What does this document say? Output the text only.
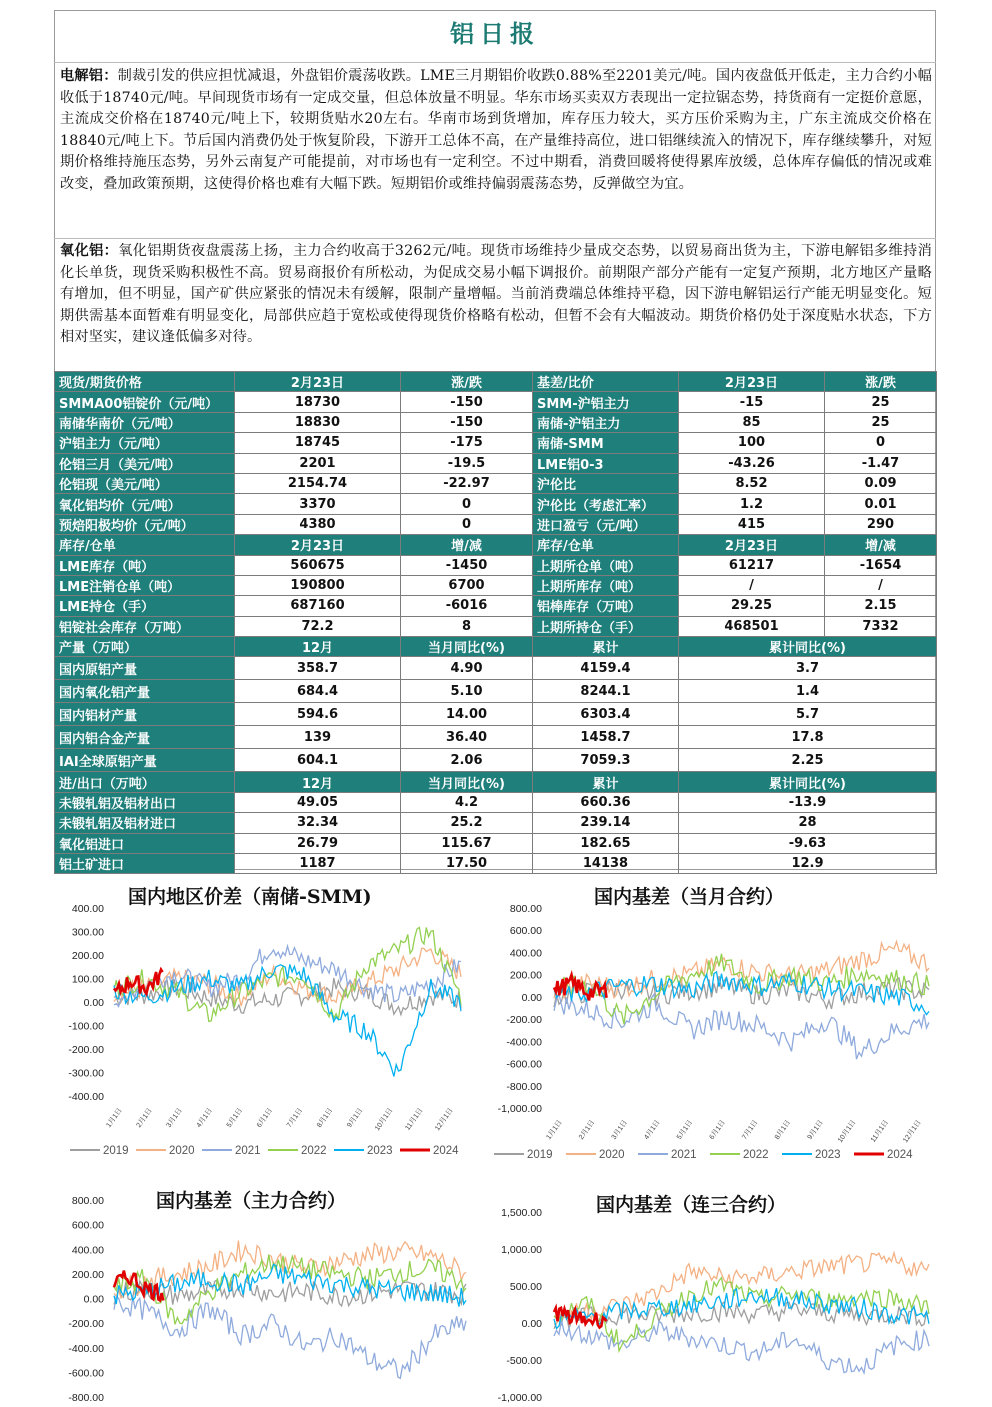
铝日报
电解铝：制裁引发的供应担忧减退，外盘铝价震荡收跌。LME三月期铝价收跌0.88%至2201美元/吨。国内夜盘低开低走，主力合约小幅收低于18740元/吨。早间现货市场有一定成交量，但总体放量不明显。华东市场买卖双方表现出一定拉锯态势，持货商有一定挺价意愿，主流成交价格在18740元/吨上下，较期货贴水20左右。华南市场到货增加，库存压力较大，买方压价采购为主，广东主流成交价格在18840元/吨上下。节后国内消费仍处于恢复阶段，下游开工总体不高，在产量维持高位，进口铝继续流入的情况下，库存继续攀升，对短期价格维持施压态势，另外云南复产可能提前，对市场也有一定利空。不过中期看，消费回暖将使得累库放缓，总体库存偏低的情况或难改变，叠加政策预期，这使得价格也难有大幅下跌。短期铝价或维持偏弱震荡态势，反弹做空为宜。
氧化铝：氧化铝期货夜盘震荡上扬，主力合约收高于3262元/吨。现货市场维持少量成交态势，以贸易商出货为主，下游电解铝多维持消化长单货，现货采购积极性不高。贸易商报价有所松动，为促成交易小幅下调报价。前期限产部分产能有一定复产预期，北方地区产量略有增加，但不明显，国产矿供应紧张的情况未有缓解，限制产量增幅。当前消费端总体维持平稳，因下游电解铝运行产能无明显变化。短期供需基本面暂难有明显变化，局部供应趋于宽松或使得现货价格略有松动，但暂不会有大幅波动。期货价格仍处于深度贴水状态，下方相对坚实，建议逢低偏多对待。
现货/期货价格	2月23日	涨/跌	基差/比价	2月23日	涨/跌
SMMA00铝锭价（元/吨）	18730	-150	SMM-沪铝主力	-15	25
南储华南价（元/吨）	18830	-150	南储-沪铝主力	85	25
沪铝主力（元/吨）	18745	-175	南储-SMM	100	0
伦铝三月（美元/吨）	2201	-19.5	LME铝0-3	-43.26	-1.47
伦铝现（美元/吨）	2154.74	-22.97	沪伦比	8.52	0.09
氧化铝均价（元/吨）	3370	0	沪伦比（考虑汇率）	1.2	0.01
预焙阳极均价（元/吨）	4380	0	进口盈亏（元/吨）	415	290
库存/仓单	2月23日	增/减	库存/仓单	2月23日	增/减
LME库存（吨）	560675	-1450	上期所仓单（吨）	61217	-1654
LME注销仓单（吨）	190800	6700	上期所库存（吨）	/	/
LME持仓（手）	687160	-6016	铝棒库存（万吨）	29.25	2.15
铝锭社会库存（万吨）	72.2	8	上期所持仓（手）	468501	7332
产量（万吨）	12月	当月同比(%)	累计	累计同比(%)	
国内原铝产量	358.7	4.90	4159.4	3.7	
国内氧化铝产量	684.4	5.10	8244.1	1.4	
国内铝材产量	594.6	14.00	6303.4	5.7	
国内铝合金产量	139	36.40	1458.7	17.8	
IAI全球原铝产量	604.1	2.06	7059.3	2.25	
进/出口（万吨）	12月	当月同比(%)	累计	累计同比(%)	
未锻轧铝及铝材出口	49.05	4.2	660.36	-13.9	
未锻轧铝及铝材进口	32.34	25.2	239.14	28	
氧化铝进口	26.79	115.67	182.65	-9.63	
铝土矿进口	1187	17.50	14138	12.9	
国内地区价差（南储-SMM)
400.00
300.00
200.00
100.00
0.00
-100.00
-200.00
-300.00
-400.00
1月1日 2月1日 3月1日 4月1日 5月1日 6月1日 7月1日 8月1日 9月1日 10月1日 11月1日 12月1日
2019	2020	2021	2022	2023	2024
国内基差（当月合约）
800.00
600.00
400.00
200.00
0.00
-200.00
-400.00
-600.00
-800.00
-1,000.00
1月1日 2月1日 3月1日 4月1日 5月1日 6月1日 7月1日 8月1日 9月1日 10月1日 11月1日 12月1日
2019	2020	2021	2022	2023	2024
国内基差（主力合约）
800.00
600.00
400.00
200.00
0.00
-200.00
-400.00
-600.00
-800.00
国内基差（连三合约）
1,500.00
1,000.00
500.00
0.00
-500.00
-1,000.00
